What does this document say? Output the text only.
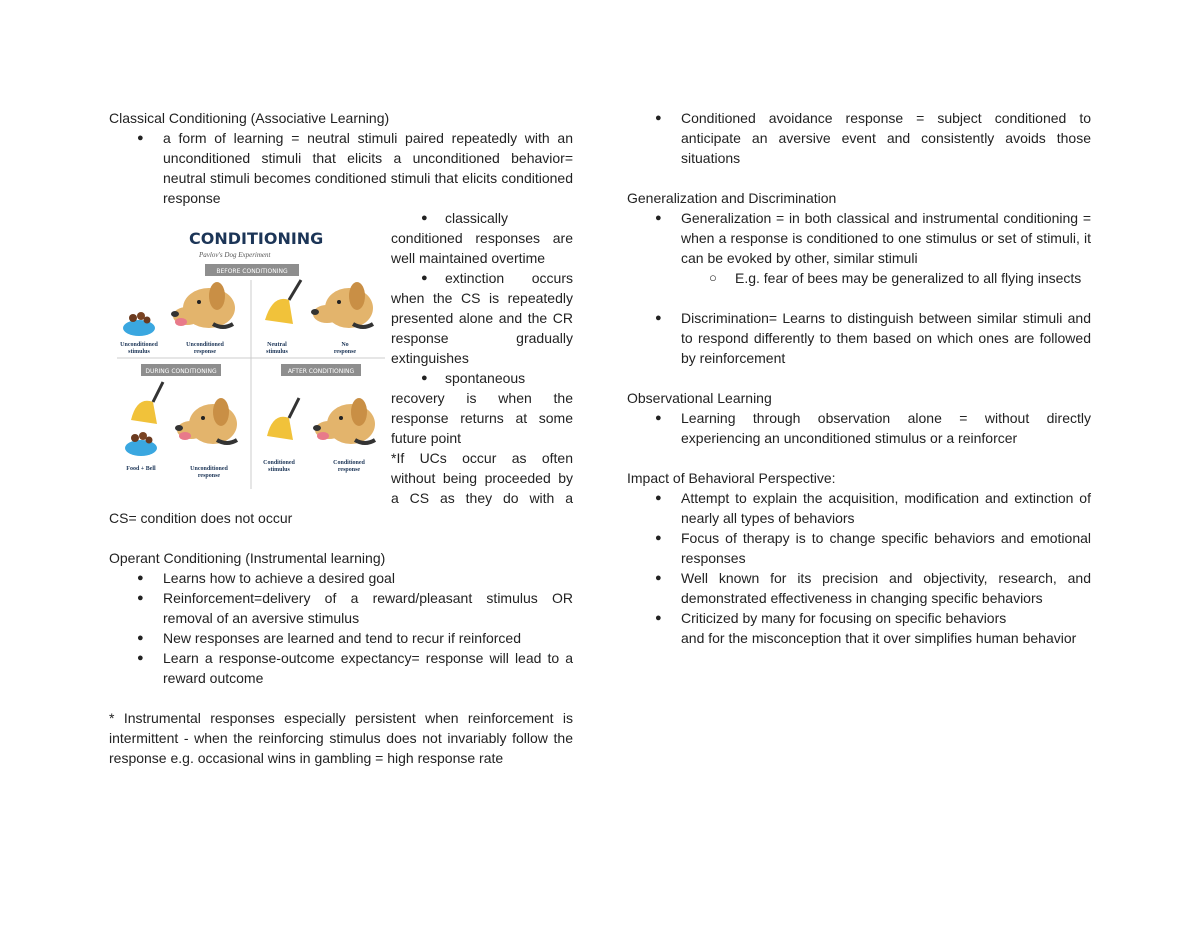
Classical Conditioning (Associative Learning)

● a form of learning = neutral stimuli paired repeatedly with an unconditioned stimuli that elicits a unconditioned behavior= neutral stimuli becomes conditioned stimuli that elicits conditioned response
CONDITIONING
Pavlov's Dog Experiment
BEFORE CONDITIONING
Unconditioned
stimulus
Unconditioned
response
Neutral
stimulus
No
response
DURING CONDITIONING	AFTER CONDITIONING
Food + Bell	Unconditioned
response
Conditioned
stimulus
Conditioned
response
● classically

conditioned responses are well maintained overtime

● extinction occurs

when the CS is repeatedly presented alone and the CR response gradually extinguishes

● spontaneous

recovery is when the response returns at some future point

*If UCs occur as often without being proceeded by a CS as they do with a

CS= condition does not occur

Operant Conditioning (Instrumental learning)

● Learns how to achieve a desired goal
● Reinforcement=delivery of a reward/pleasant stimulus OR removal of an aversive stimulus
● New responses are learned and tend to recur if reinforced
● Learn a response-outcome expectancy= response will lead to a reward outcome

* Instrumental responses especially persistent when reinforcement is intermittent - when the reinforcing stimulus does not invariably follow the response e.g. occasional wins in gambling = high response rate

● Conditioned avoidance response = subject conditioned to anticipate an aversive event and consistently avoids those situations

Generalization and Discrimination

● Generalization = in both classical and instrumental conditioning = when a response is conditioned to one stimulus or set of stimuli, it can be evoked by other, similar stimuli
○ E.g. fear of bees may be generalized to all flying insects
● Discrimination= Learns to distinguish between similar stimuli and to respond differently to them based on which ones are followed by reinforcement

Observational Learning

● Learning through observation alone = without directly experiencing an unconditioned stimulus or a reinforcer

Impact of Behavioral Perspective:

● Attempt to explain the acquisition, modification and extinction of nearly all types of behaviors
● Focus of therapy is to change specific behaviors and emotional responses
● Well known for its precision and objectivity, research, and demonstrated effectiveness in changing specific behaviors
● Criticized by many for focusing on specific behaviors

and for the misconception that it over simplifies human behavior
